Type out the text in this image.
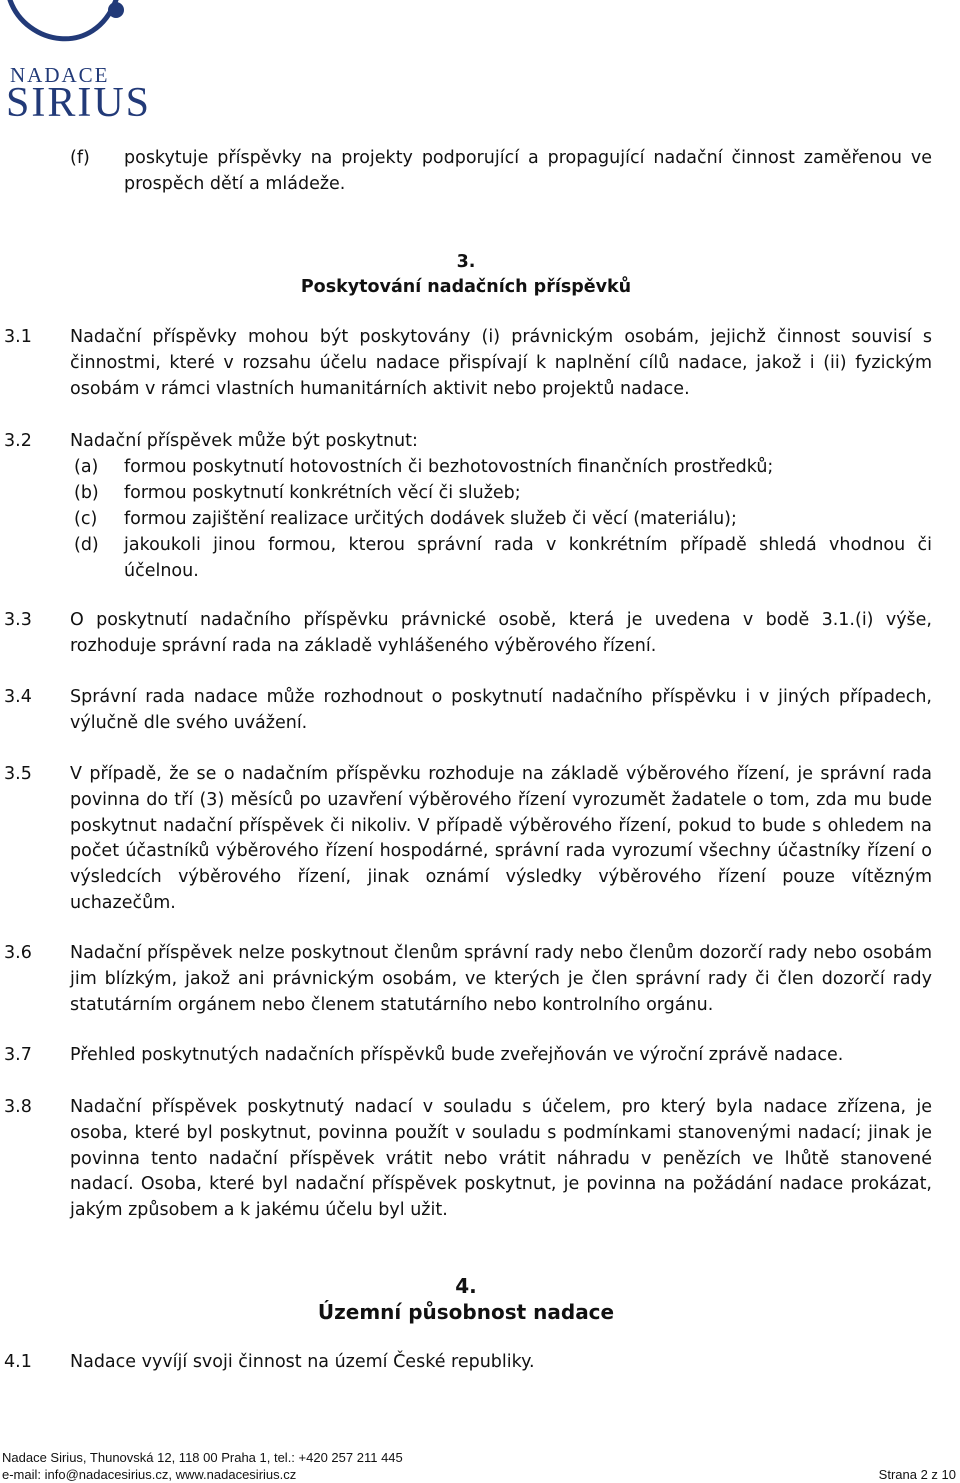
NADACE
SIRIUS
(f) poskytuje příspěvky na projekty podporující a propagující nadační činnost zaměřenou ve prospěch dětí a mládeže.
3.
Poskytování nadačních příspěvků
3.1 Nadační příspěvky mohou být poskytovány (i) právnickým osobám, jejichž činnost souvisí s činnostmi, které v rozsahu účelu nadace přispívají k naplnění cílů nadace, jakož i (ii) fyzickým osobám v rámci vlastních humanitárních aktivit nebo projektů nadace.
3.2 Nadační příspěvek může být poskytnut:
(a) formou poskytnutí hotovostních či bezhotovostních finančních prostředků;
(b) formou poskytnutí konkrétních věcí či služeb;
(c) formou zajištění realizace určitých dodávek služeb či věcí (materiálu);
(d) jakoukoli jinou formou, kterou správní rada v konkrétním případě shledá vhodnou či účelnou.
3.3 O poskytnutí nadačního příspěvku právnické osobě, která je uvedena v bodě 3.1.(i) výše, rozhoduje správní rada na základě vyhlášeného výběrového řízení.
3.4 Správní rada nadace může rozhodnout o poskytnutí nadačního příspěvku i v jiných případech, výlučně dle svého uvážení.
3.5 V případě, že se o nadačním příspěvku rozhoduje na základě výběrového řízení, je správní rada povinna do tří (3) měsíců po uzavření výběrového řízení vyrozumět žadatele o tom, zda mu bude poskytnut nadační příspěvek či nikoliv. V případě výběrového řízení, pokud to bude s ohledem na počet účastníků výběrového řízení hospodárné, správní rada vyrozumí všechny účastníky řízení o výsledcích výběrového řízení, jinak oznámí výsledky výběrového řízení pouze vítězným uchazečům.
3.6 Nadační příspěvek nelze poskytnout členům správní rady nebo členům dozorčí rady nebo osobám jim blízkým, jakož ani právnickým osobám, ve kterých je člen správní rady či člen dozorčí rady statutárním orgánem nebo členem statutárního nebo kontrolního orgánu.
3.7 Přehled poskytnutých nadačních příspěvků bude zveřejňován ve výroční zprávě nadace.
3.8 Nadační příspěvek poskytnutý nadací v souladu s účelem, pro který byla nadace zřízena, je osoba, které byl poskytnut, povinna použít v souladu s podmínkami stanovenými nadací; jinak je povinna tento nadační příspěvek vrátit nebo vrátit náhradu v penězích ve lhůtě stanovené nadací. Osoba, které byl nadační příspěvek poskytnut, je povinna na požádání nadace prokázat, jakým způsobem a k jakému účelu byl užit.
4.
Územní působnost nadace
4.1 Nadace vyvíjí svoji činnost na území České republiky.
Nadace Sirius, Thunovská 12, 118 00 Praha 1, tel.: +420 257 211 445
e-mail: info@nadacesirius.cz, www.nadacesirius.cz	Strana 2 z 10
